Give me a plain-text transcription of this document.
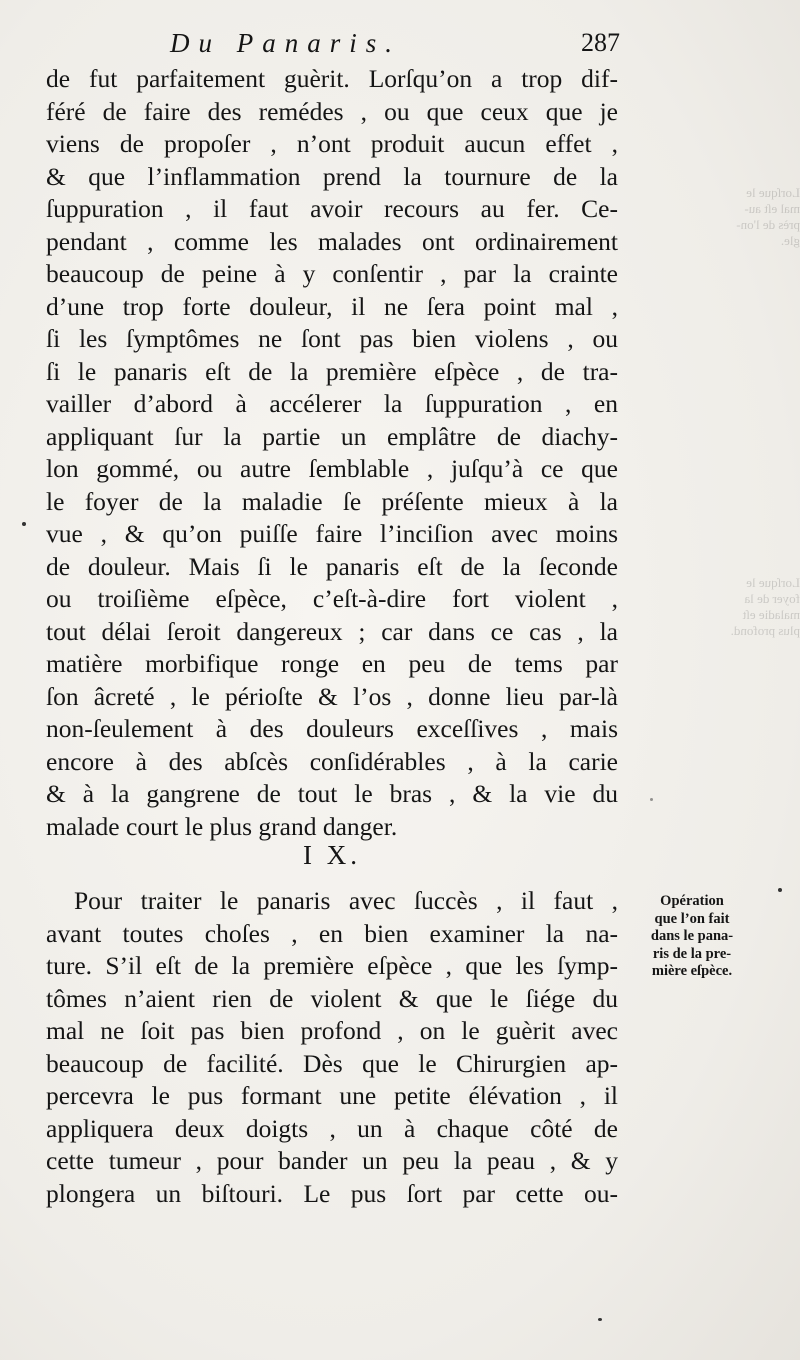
Lorſque le
mal eſt au-
près de l'on-
gle.
Lorſque le
foyer de la
maladie eſt
plus profond.
Du Panaris.	287
de fut parfaitement guèrit. Lorſqu’on a trop dif-
féré de faire des remédes , ou que ceux que je
viens de propoſer , n’ont produit aucun effet ,
& que l’inflammation prend la tournure de la
ſuppuration , il faut avoir recours au fer. Ce-
pendant , comme les malades ont ordinairement
beaucoup de peine à y conſentir , par la crainte
d’une trop forte douleur, il ne ſera point mal ,
ſi les ſymptômes ne ſont pas bien violens , ou
ſi le panaris eſt de la première eſpèce , de tra-
vailler d’abord à accélerer la ſuppuration , en
appliquant ſur la partie un emplâtre de diachy-
lon gommé, ou autre ſemblable , juſqu’à ce que
le foyer de la maladie ſe préſente mieux à la
vue , & qu’on puiſſe faire l’inciſion avec moins
de douleur. Mais ſi le panaris eſt de la ſeconde
ou troiſième eſpèce, c’eſt-à-dire fort violent ,
tout délai ſeroit dangereux ; car dans ce cas , la
matière morbifique ronge en peu de tems par
ſon âcreté , le périoſte & l’os , donne lieu par-là
non-ſeulement à des douleurs exceſſives , mais
encore à des abſcès conſidérables , à la carie
& à la gangrene de tout le bras , & la vie du
malade court le plus grand danger.
I X.
Pour traiter le panaris avec ſuccès , il faut ,
avant toutes choſes , en bien examiner la na-
ture. S’il eſt de la première eſpèce , que les ſymp-
tômes n’aient rien de violent & que le ſiége du
mal ne ſoit pas bien profond , on le guèrit avec
beaucoup de facilité. Dès que le Chirurgien ap-
percevra le pus formant une petite élévation , il
appliquera deux doigts , un à chaque côté de
cette tumeur , pour bander un peu la peau , & y
plongera un biſtouri. Le pus ſort par cette ou-
Opération
que l’on fait
dans le pana-
ris de la pre-
mière eſpèce.
